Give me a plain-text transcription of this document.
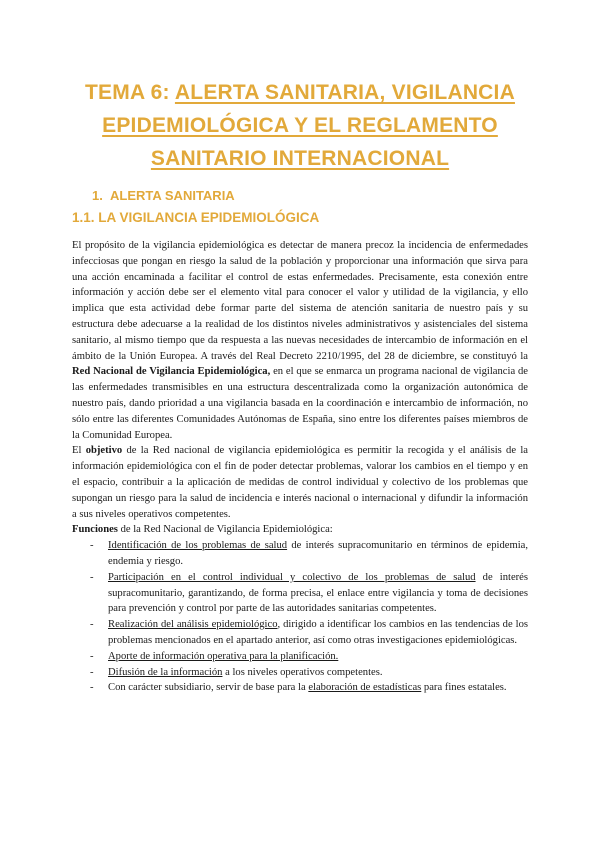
TEMA 6: ALERTA SANITARIA, VIGILANCIA EPIDEMIOLÓGICA Y EL REGLAMENTO SANITARIO INTERNACIONAL
1. ALERTA SANITARIA
1.1. LA VIGILANCIA EPIDEMIOLÓGICA

El propósito de la vigilancia epidemiológica es detectar de manera precoz la incidencia de enfermedades infecciosas que pongan en riesgo la salud de la población y proporcionar una información que sirva para una acción encaminada a facilitar el control de estas enfermedades. Precisamente, esta conexión entre información y acción debe ser el elemento vital para conocer el valor y utilidad de la vigilancia, y ello implica que esta actividad debe formar parte del sistema de atención sanitaria de nuestro país y su estructura debe adecuarse a la realidad de los distintos niveles administrativos y asistenciales del sistema sanitario, al mismo tiempo que da respuesta a las nuevas necesidades de intercambio de información en el ámbito de la Unión Europea. A través del Real Decreto 2210/1995, del 28 de diciembre, se constituyó la Red Nacional de Vigilancia Epidemiológica, en el que se enmarca un programa nacional de vigilancia de las enfermedades transmisibles en una estructura descentralizada como la organización autonómica de nuestro país, dando prioridad a una vigilancia basada en la coordinación e intercambio de información, no sólo entre las diferentes Comunidades Autónomas de España, sino entre los diferentes países miembros de la Comunidad Europea.

El objetivo de la Red nacional de vigilancia epidemiológica es permitir la recogida y el análisis de la información epidemiológica con el fin de poder detectar problemas, valorar los cambios en el tiempo y en el espacio, contribuir a la aplicación de medidas de control individual y colectivo de los problemas que supongan un riesgo para la salud de incidencia e interés nacional o internacional y difundir la información a sus niveles operativos competentes.

Funciones de la Red Nacional de Vigilancia Epidemiológica:

- Identificación de los problemas de salud de interés supracomunitario en términos de epidemia, endemia y riesgo.
- Participación en el control individual y colectivo de los problemas de salud de interés supracomunitario, garantizando, de forma precisa, el enlace entre vigilancia y toma de decisiones para prevención y control por parte de las autoridades sanitarias competentes.
- Realización del análisis epidemiológico, dirigido a identificar los cambios en las tendencias de los problemas mencionados en el apartado anterior, así como otras investigaciones epidemiológicas.
- Aporte de información operativa para la planificación.
- Difusión de la información a los niveles operativos competentes.
- Con carácter subsidiario, servir de base para la elaboración de estadísticas para fines estatales.
